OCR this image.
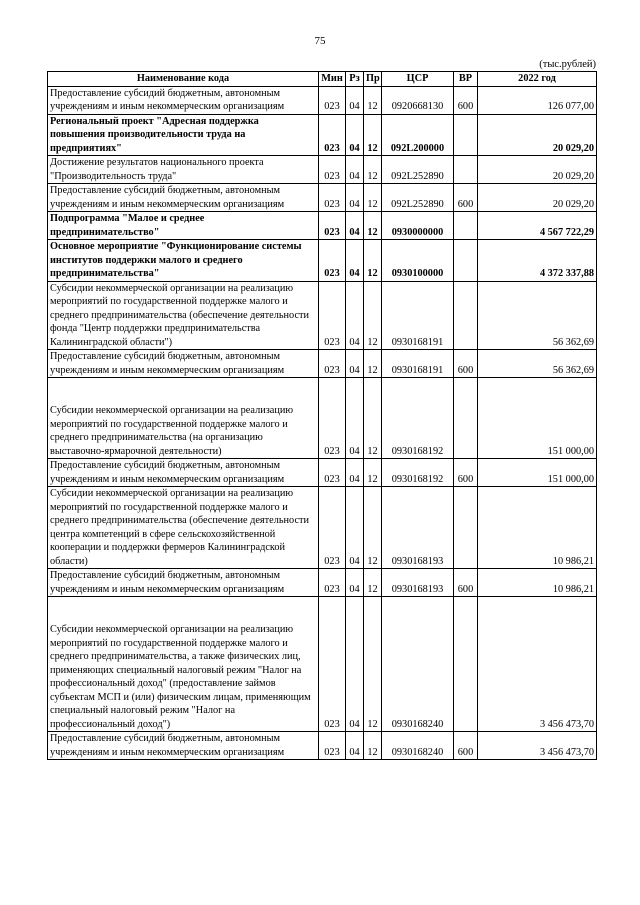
75
(тыс.рублей)
Наименование кода	Мин	Рз	Пр	ЦСР	ВР	2022 год
Предоставление субсидий бюджетным, автономным учреждениям и иным некоммерческим организациям	023	04	12	0920668130	600	126 077,00
Региональный проект "Адресная поддержка повышения производительности труда на предприятиях"	023	04	12	092L200000		20 029,20
Достижение результатов национального проекта "Производительность труда"	023	04	12	092L252890		20 029,20
Предоставление субсидий бюджетным, автономным учреждениям и иным некоммерческим организациям	023	04	12	092L252890	600	20 029,20
Подпрограмма "Малое и среднее предпринимательство"	023	04	12	0930000000		4 567 722,29
Основное мероприятие "Функционирование системы институтов поддержки малого и среднего предпринимательства"	023	04	12	0930100000		4 372 337,88
Субсидии некоммерческой организации на реализацию мероприятий по государственной поддержке малого и среднего предпринимательства (обеспечение деятельности фонда "Центр поддержки предпринимательства Калининградской области")	023	04	12	0930168191		56 362,69
Предоставление субсидий бюджетным, автономным учреждениям и иным некоммерческим организациям	023	04	12	0930168191	600	56 362,69
Субсидии некоммерческой организации на реализацию мероприятий по государственной поддержке малого и среднего предпринимательства (на организацию выставочно-ярмарочной деятельности)	023	04	12	0930168192		151 000,00
Предоставление субсидий бюджетным, автономным учреждениям и иным некоммерческим организациям	023	04	12	0930168192	600	151 000,00
Субсидии некоммерческой организации на реализацию мероприятий по государственной поддержке малого и среднего предпринимательства (обеспечение деятельности центра компетенций в сфере сельскохозяйственной кооперации и поддержки фермеров Калининградской области)	023	04	12	0930168193		10 986,21
Предоставление субсидий бюджетным, автономным учреждениям и иным некоммерческим организациям	023	04	12	0930168193	600	10 986,21
Субсидии некоммерческой организации на реализацию мероприятий по государственной поддержке малого и среднего предпринимательства, а также физических лиц, применяющих специальный налоговый режим "Налог на профессиональный доход" (предоставление займов субъектам МСП и (или) физическим лицам, применяющим специальный налоговый режим "Налог на профессиональный доход")	023	04	12	0930168240		3 456 473,70
Предоставление субсидий бюджетным, автономным учреждениям и иным некоммерческим организациям	023	04	12	0930168240	600	3 456 473,70
